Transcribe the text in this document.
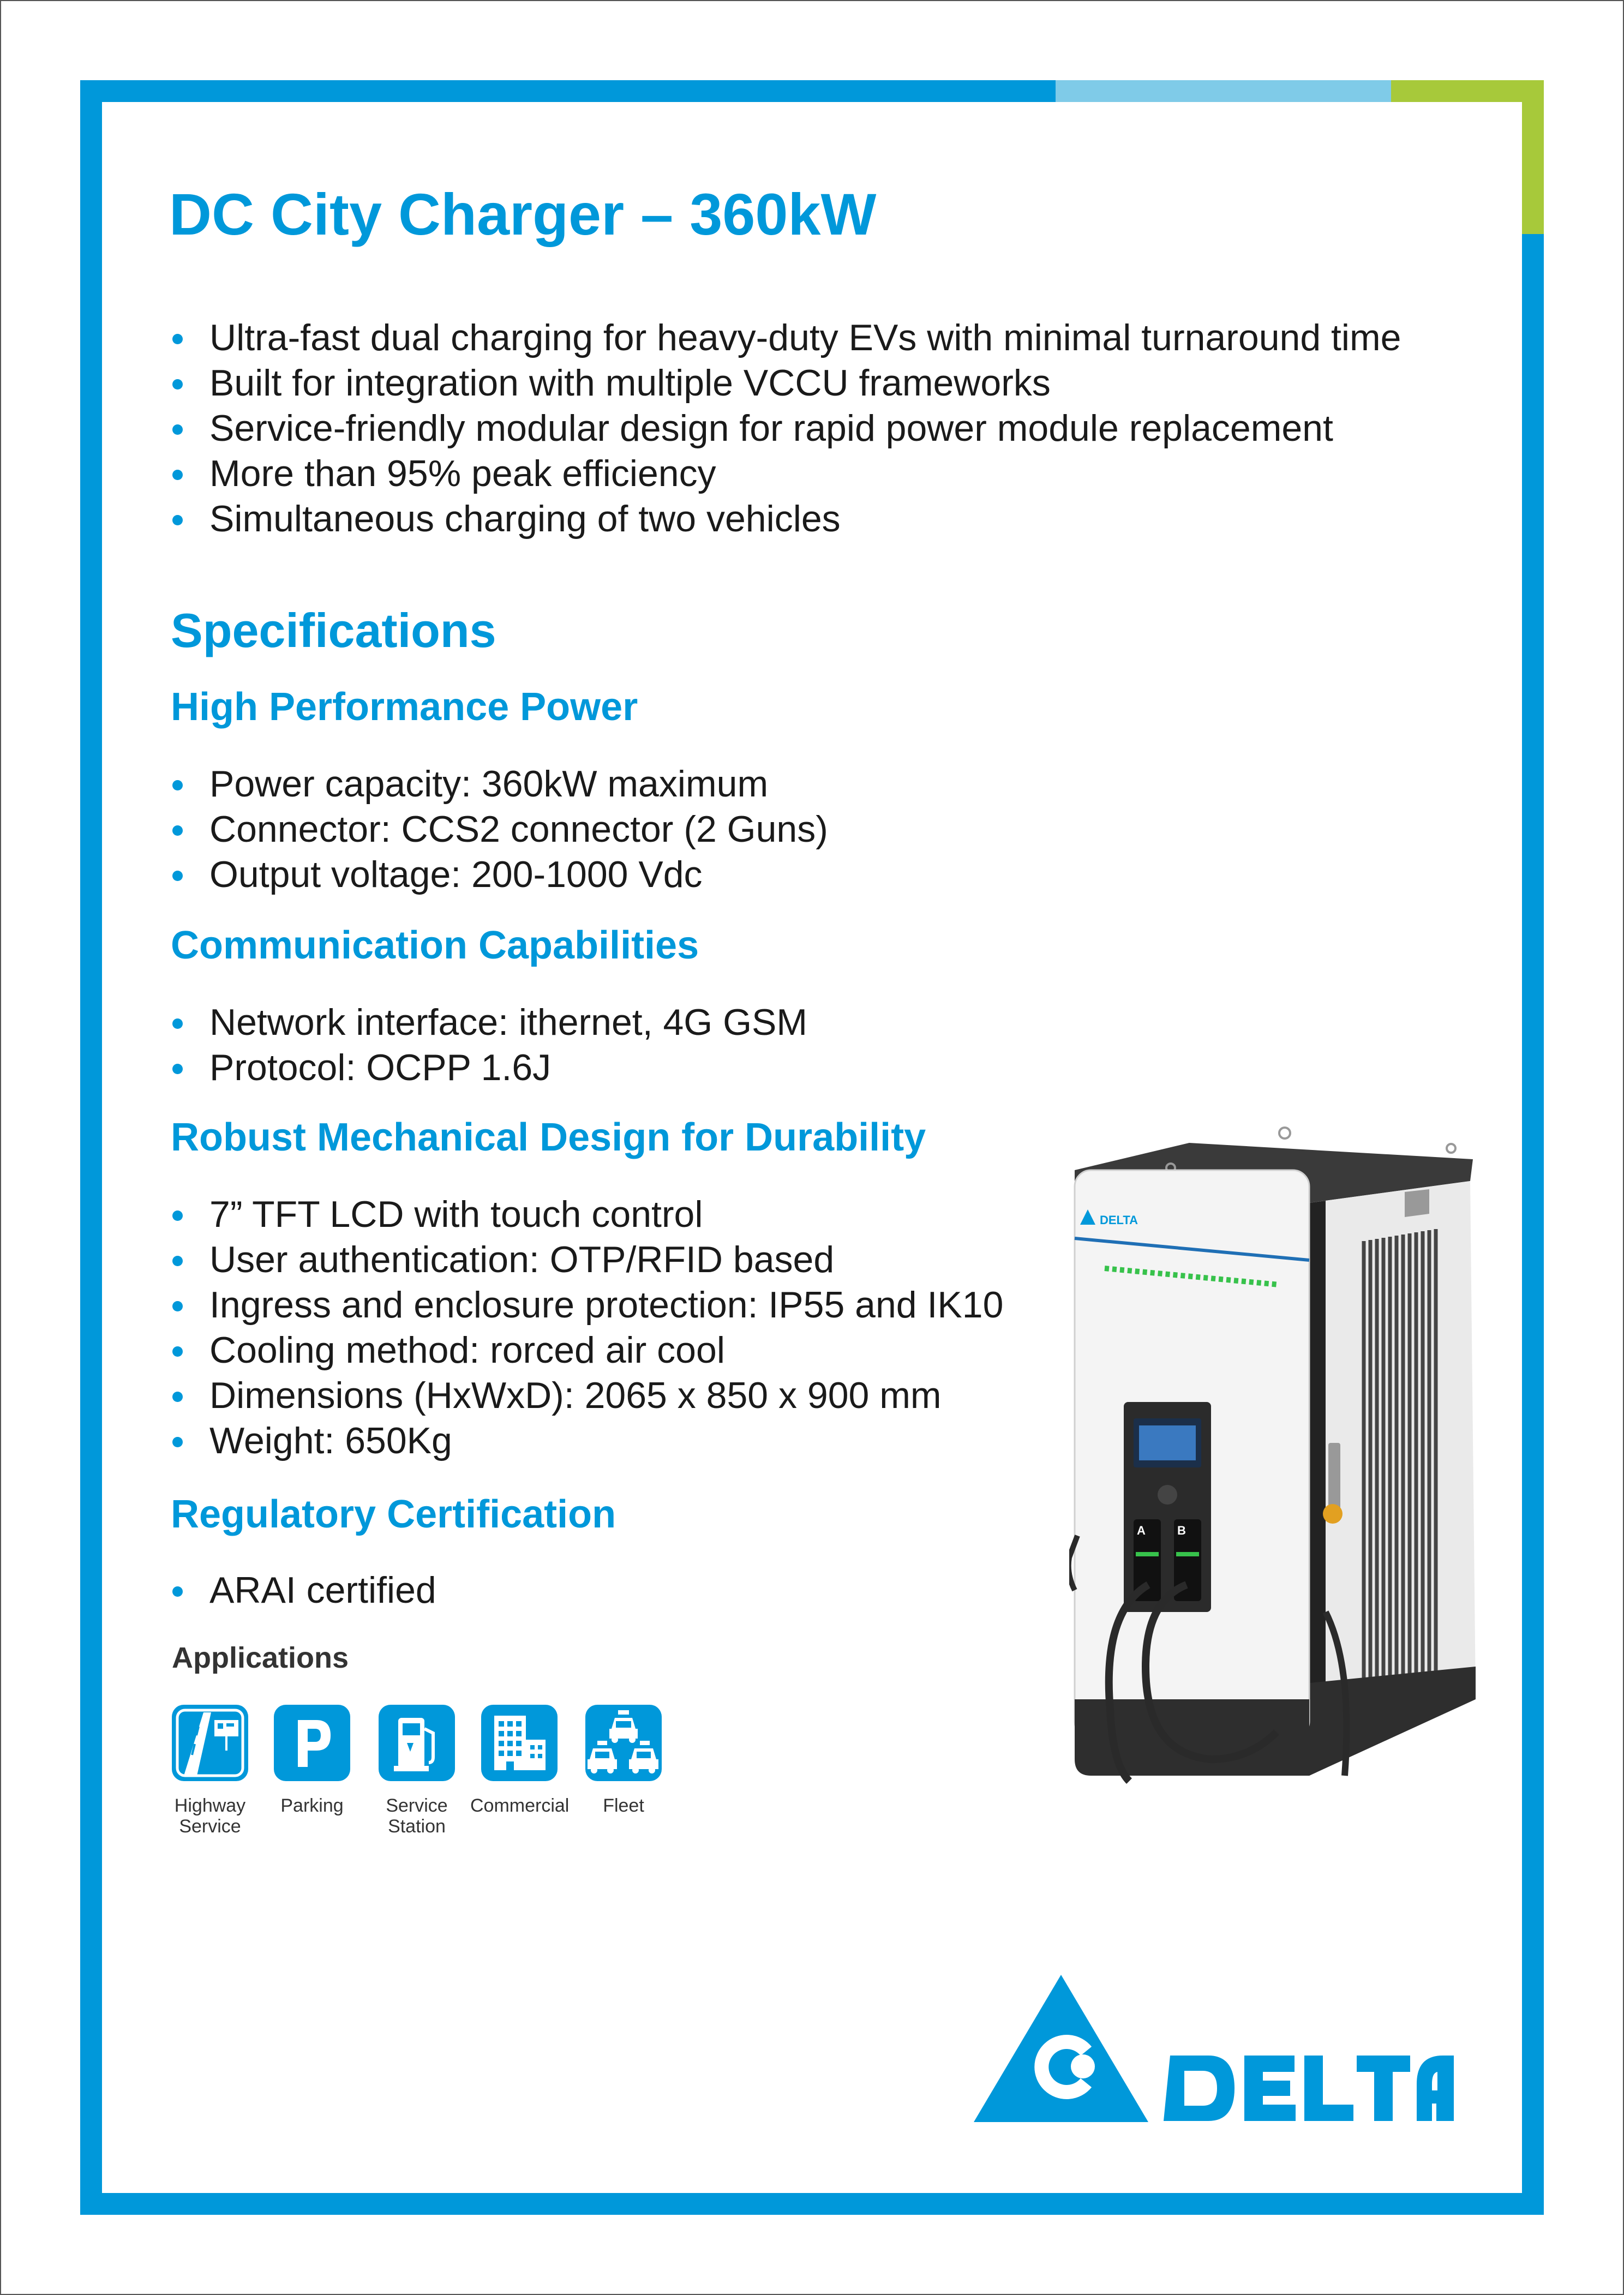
DC City Charger – 360kW
Ultra-fast dual charging for heavy-duty EVs with minimal turnaround time
Built for integration with multiple VCCU frameworks
Service-friendly modular design for rapid power module replacement
More than 95% peak efficiency
Simultaneous charging of two vehicles
Specifications
High Performance Power
Power capacity: 360kW maximum
Connector: CCS2 connector (2 Guns)
Output voltage: 200-1000 Vdc
Communication Capabilities
Network interface: ithernet, 4G GSM
Protocol: OCPP 1.6J
Robust Mechanical Design for Durability
7” TFT LCD with touch control
User authentication: OTP/RFID based
Ingress and enclosure protection: IP55 and IK10
Cooling method: rorced air cool
Dimensions (HxWxD): 2065 x 850 x 900 mm
Weight: 650Kg
Regulatory Certification
ARAI certified
Applications
Highway
Service
Parking	Service
Station
Commercial	Fleet
DELTA
A	B
